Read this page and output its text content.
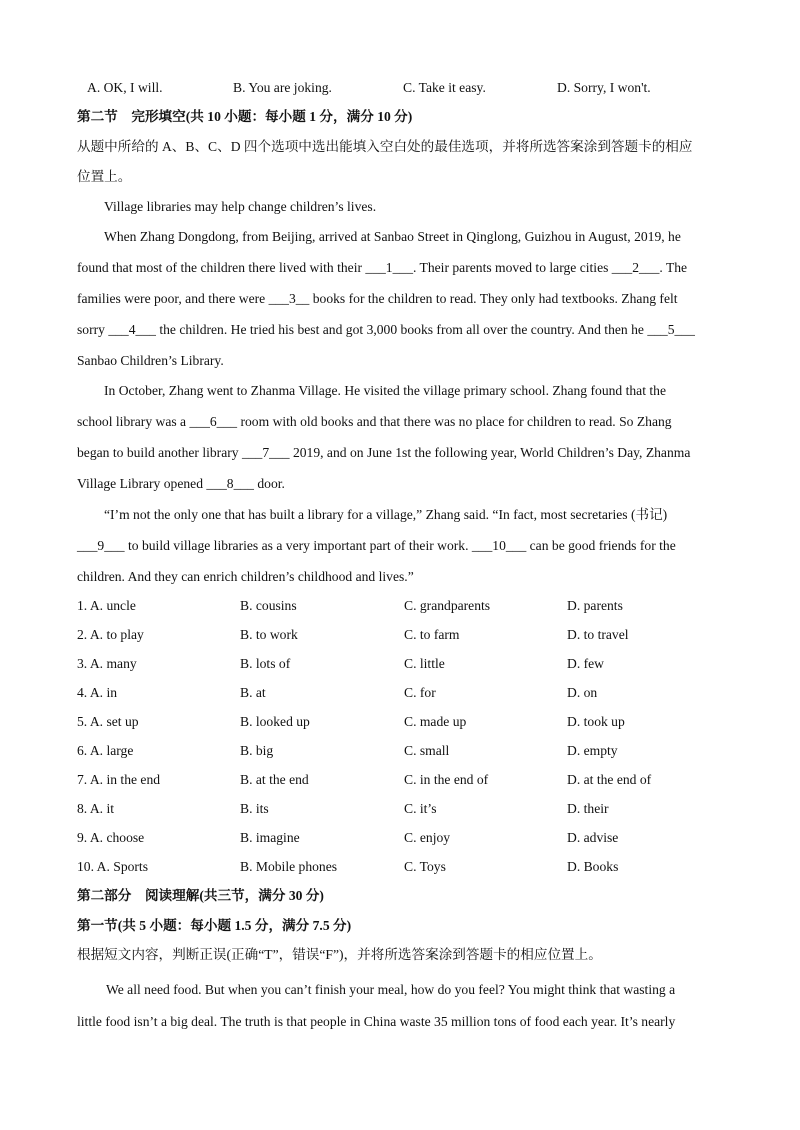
A. OK, I will.	B. You are joking.	C. Take it easy.	D. Sorry, I won't.
第二节　完形填空(共 10 小题：每小题 1 分，满分 10 分)
从题中所给的 A、B、C、D 四个选项中选出能填入空白处的最佳选项，并将所选答案涂到答题卡的相应
位置上。
Village libraries may help change children’s lives.
When Zhang Dongdong, from Beijing, arrived at Sanbao Street in Qinglong, Guizhou in August, 2019, he
found that most of the children there lived with their ___1___. Their parents moved to large cities ___2___. The
families were poor, and there were ___3__ books for the children to read. They only had textbooks. Zhang felt
sorry ___4___ the children. He tried his best and got 3,000 books from all over the country. And then he ___5___
Sanbao Children’s Library.
In October, Zhang went to Zhanma Village. He visited the village primary school. Zhang found that the
school library was a ___6___ room with old books and that there was no place for children to read. So Zhang
began to build another library ___7___ 2019, and on June 1st the following year, World Children’s Day, Zhanma
Village Library opened ___8___ door.
“I’m not the only one that has built a library for a village,” Zhang said. “In fact, most secretaries (书记)
___9___ to build village libraries as a very important part of their work. ___10___ can be good friends for the
children. And they can enrich children’s childhood and lives.”
1. A. uncle	B. cousins	C. grandparents	D. parents
2. A. to play	B. to work	C. to farm	D. to travel
3. A. many	B. lots of	C. little	D. few
4. A. in	B. at	C. for	D. on
5. A. set up	B. looked up	C. made up	D. took up
6. A. large	B. big	C. small	D. empty
7. A. in the end	B. at the end	C. in the end of	D. at the end of
8. A. it	B. its	C. it’s	D. their
9. A. choose	B. imagine	C. enjoy	D. advise
10. A. Sports	B. Mobile phones	C. Toys	D. Books
第二部分　阅读理解(共三节，满分 30 分)
第一节(共 5 小题：每小题 1.5 分，满分 7.5 分)
根据短文内容，判断正误(正确“T”，错误“F”)，并将所选答案涂到答题卡的相应位置上。
We all need food. But when you can’t finish your meal, how do you feel? You might think that wasting a
little food isn’t a big deal. The truth is that people in China waste 35 million tons of food each year. It’s nearly
